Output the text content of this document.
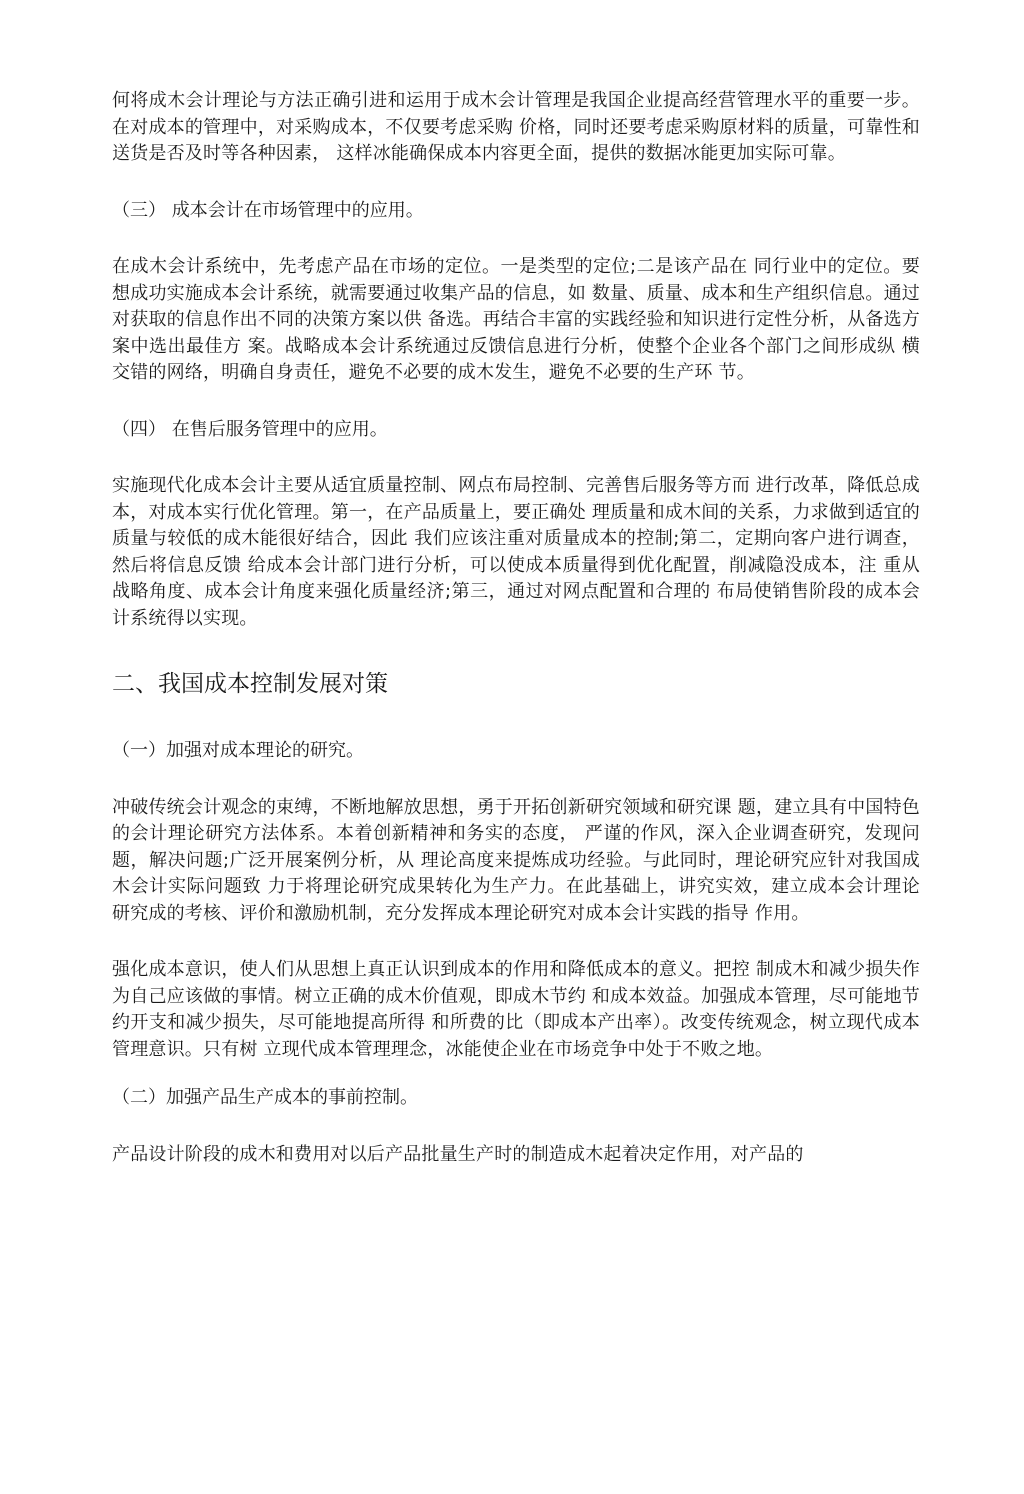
何将成木会计理论与方法正确引进和运用于成木会计管理是我国企业提高经营管理水平的重要一步。在对成本的管理中，对采购成本，不仅要考虑采购 价格，同时还要考虑采购原材料的质量，可靠性和送货是否及时等各种因素， 这样冰能确保成本内容更全面，提供的数据冰能更加实际可靠。

（三） 成本会计在市场管理中的应用。

在成木会计系统中，先考虑产品在市场的定位。一是类型的定位;二是该产品在 同行业中的定位。要想成功实施成本会计系统，就需要通过收集产品的信息，如 数量、质量、成本和生产组织信息。通过对获取的信息作出不同的决策方案以供 备选。再结合丰富的实践经验和知识进行定性分析，从备选方案中选出最佳方 案。战略成本会计系统通过反馈信息进行分析，使整个企业各个部门之间形成纵 横交错的网络，明确自身责任，避免不必要的成木发生，避免不必要的生产环 节。

（四） 在售后服务管理中的应用。

实施现代化成本会计主要从适宜质量控制、网点布局控制、完善售后服务等方而 进行改革，降低总成本，对成本实行优化管理。第一，在产品质量上，要正确处 理质量和成木间的关系，力求做到适宜的质量与较低的成木能很好结合，因此 我们应该注重对质量成本的控制;第二，定期向客户进行调查，然后将信息反馈 给成本会计部门进行分析，可以使成本质量得到优化配置，削减隐没成本，注 重从战略角度、成本会计角度来强化质量经济;第三，通过对网点配置和合理的 布局使销售阶段的成本会计系统得以实现。

二、我国成本控制发展对策

（一）加强对成本理论的研究。

冲破传统会计观念的束缚，不断地解放思想，勇于开拓创新研究领域和研究课 题，建立具有中国特色的会计理论研究方法体系。本着创新精神和务实的态度， 严谨的作风，深入企业调查研究，发现问题，解决问题;广泛开展案例分析，从 理论高度来提炼成功经验。与此同时，理论研究应针对我国成木会计实际问题致 力于将理论研究成果转化为生产力。在此基础上，讲究实效，建立成本会计理论 研究成的考核、评价和激励机制，充分发挥成本理论研究对成本会计实践的指导 作用。

强化成本意识，使人们从思想上真正认识到成本的作用和降低成本的意义。把控 制成木和减少损失作为自己应该做的事情。树立正确的成木价值观，即成木节约 和成本效益。加强成本管理，尽可能地节约开支和减少损失，尽可能地提高所得 和所费的比（即成本产出率）。改变传统观念，树立现代成本管理意识。只有树 立现代成本管理理念，冰能使企业在市场竞争中处于不败之地。

（二）加强产品生产成本的事前控制。

产品设计阶段的成木和费用对以后产品批量生产时的制造成木起着决定作用，对产品的
